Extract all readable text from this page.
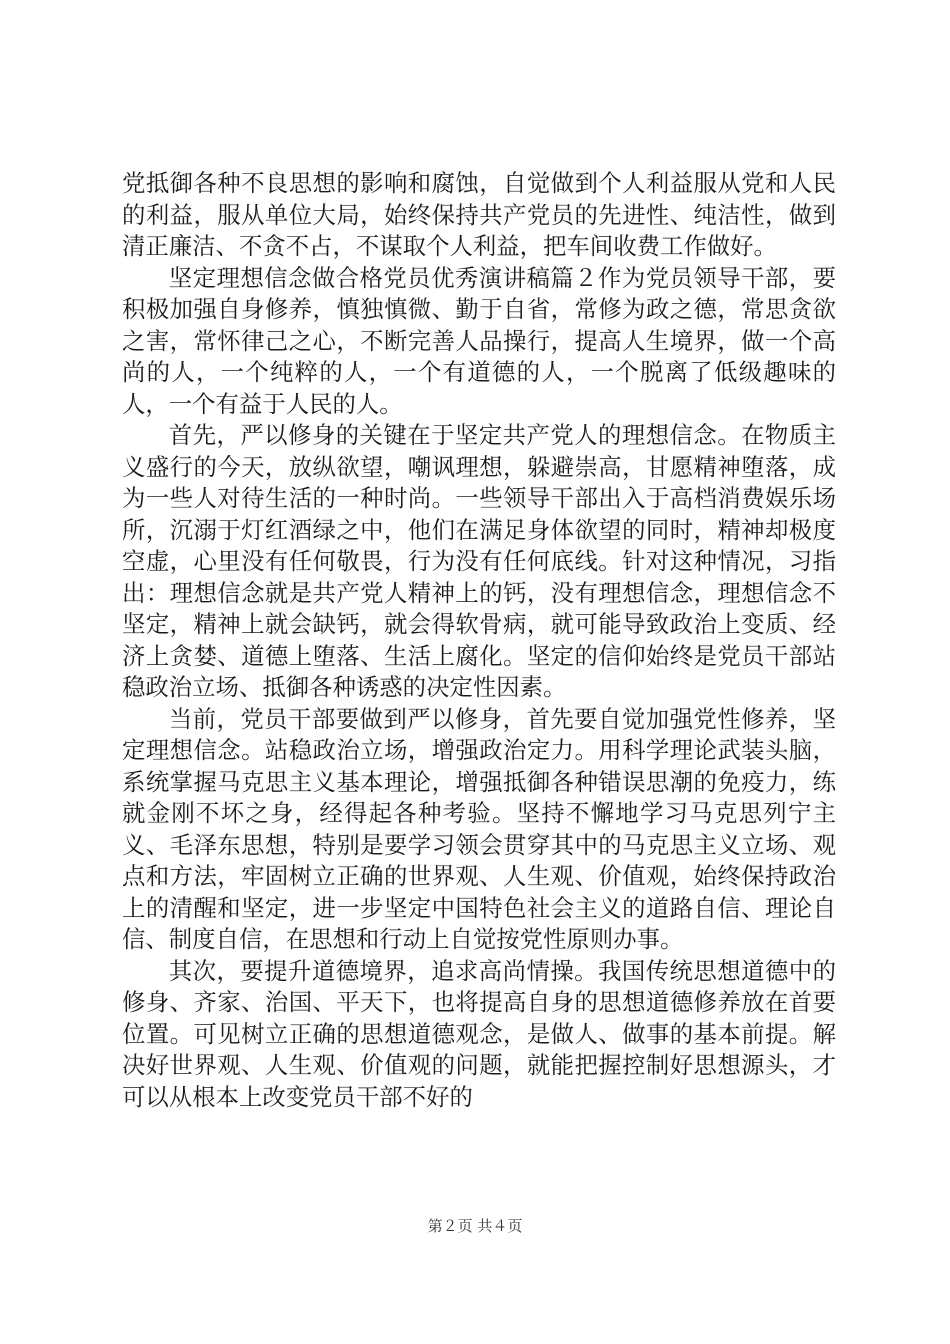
党抵御各种不良思想的影响和腐蚀，自觉做到个人利益服从党和人民的利益，服从单位大局，始终保持共产党员的先进性、纯洁性，做到清正廉洁、不贪不占，不谋取个人利益，把车间收费工作做好。

坚定理想信念做合格党员优秀演讲稿篇２作为党员领导干部，要积极加强自身修养，慎独慎微、勤于自省，常修为政之德，常思贪欲之害，常怀律己之心，不断完善人品操行，提高人生境界，做一个高尚的人，一个纯粹的人，一个有道德的人，一个脱离了低级趣味的人，一个有益于人民的人。

首先，严以修身的关键在于坚定共产党人的理想信念。在物质主义盛行的今天，放纵欲望，嘲讽理想，躲避崇高，甘愿精神堕落，成为一些人对待生活的一种时尚。一些领导干部出入于高档消费娱乐场所，沉溺于灯红酒绿之中，他们在满足身体欲望的同时，精神却极度空虚，心里没有任何敬畏，行为没有任何底线。针对这种情况，习指出：理想信念就是共产党人精神上的钙，没有理想信念，理想信念不坚定，精神上就会缺钙，就会得软骨病，就可能导致政治上变质、经济上贪婪、道德上堕落、生活上腐化。坚定的信仰始终是党员干部站稳政治立场、抵御各种诱惑的决定性因素。

当前，党员干部要做到严以修身，首先要自觉加强党性修养，坚定理想信念。站稳政治立场，增强政治定力。用科学理论武装头脑，系统掌握马克思主义基本理论，增强抵御各种错误思潮的免疫力，练就金刚不坏之身，经得起各种考验。坚持不懈地学习马克思列宁主义、毛泽东思想，特别是要学习领会贯穿其中的马克思主义立场、观点和方法，牢固树立正确的世界观、人生观、价值观，始终保持政治上的清醒和坚定，进一步坚定中国特色社会主义的道路自信、理论自信、制度自信，在思想和行动上自觉按党性原则办事。

其次，要提升道德境界，追求高尚情操。我国传统思想道德中的修身、齐家、治国、平天下，也将提高自身的思想道德修养放在首要位置。可见树立正确的思想道德观念，是做人、做事的基本前提。解决好世界观、人生观、价值观的问题，就能把握控制好思想源头，才可以从根本上改变党员干部不好的

第２页 共４页
